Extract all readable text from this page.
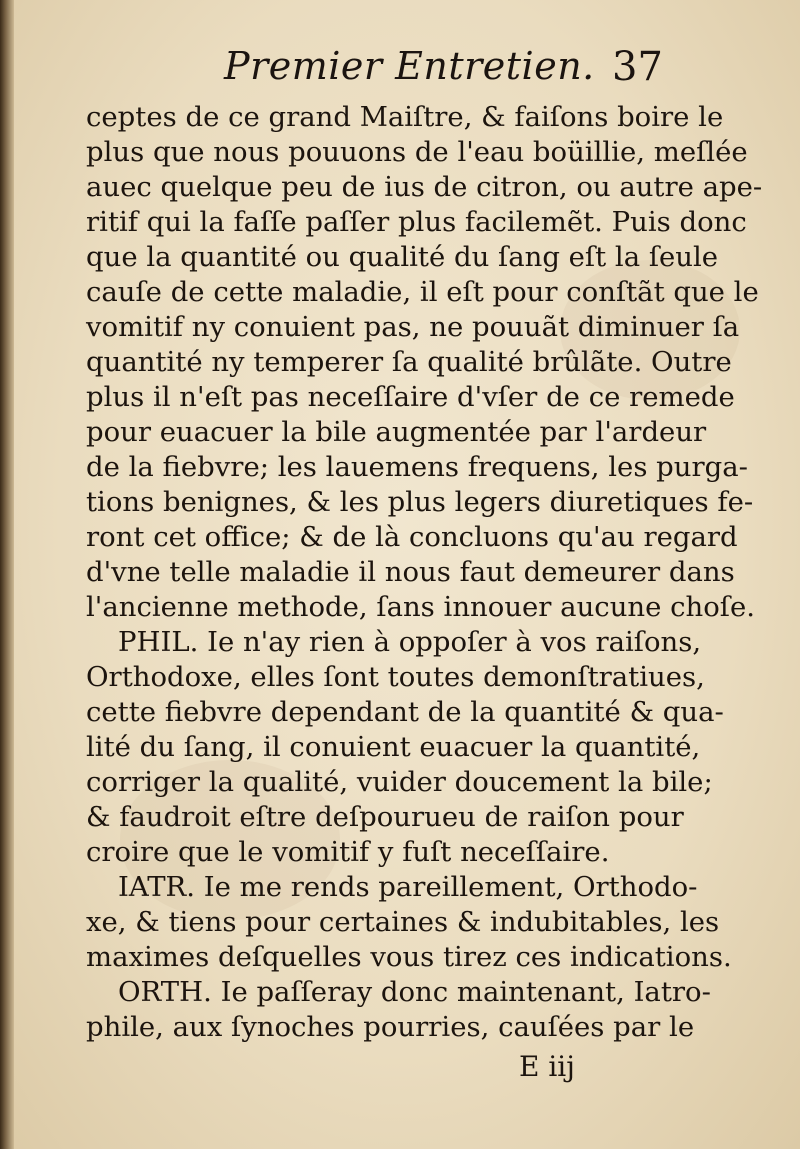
Premier Entretien. 37
ceptes de ce grand Maiſtre, & faiſons boire le
plus que nous pouuons de l'eau boüillie, meſlée
auec quelque peu de ius de citron, ou autre ape-
ritif qui la faſſe paſſer plus facilemẽt. Puis donc
que la quantité ou qualité du ſang eſt la ſeule
cauſe de cette maladie, il eſt pour conſtãt que le
vomitif ny conuient pas, ne pouuãt diminuer ſa
quantité ny temperer ſa qualité brûlãte. Outre
plus il n'eſt pas neceſſaire d'vſer de ce remede
pour euacuer la bile augmentée par l'ardeur
de la fiebvre; les lauemens frequens, les purga-
tions benignes, & les plus legers diuretiques fe-
ront cet office; & de là concluons qu'au regard
d'vne telle maladie il nous faut demeurer dans
l'ancienne methode, ſans innouer aucune choſe.
PHIL. Ie n'ay rien à oppoſer à vos raiſons,
Orthodoxe, elles ſont toutes demonſtratiues,
cette fiebvre dependant de la quantité & qua-
lité du ſang, il conuient euacuer la quantité,
corriger la qualité, vuider doucement la bile;
& faudroit eſtre deſpourueu de raiſon pour
croire que le vomitif y fuſt neceſſaire.
IATR. Ie me rends pareillement, Orthodo-
xe, & tiens pour certaines & indubitables, les
maximes deſquelles vous tirez ces indications.
ORTH. Ie paſſeray donc maintenant, Iatro-
phile, aux ſynoches pourries, cauſées par le
E iij
